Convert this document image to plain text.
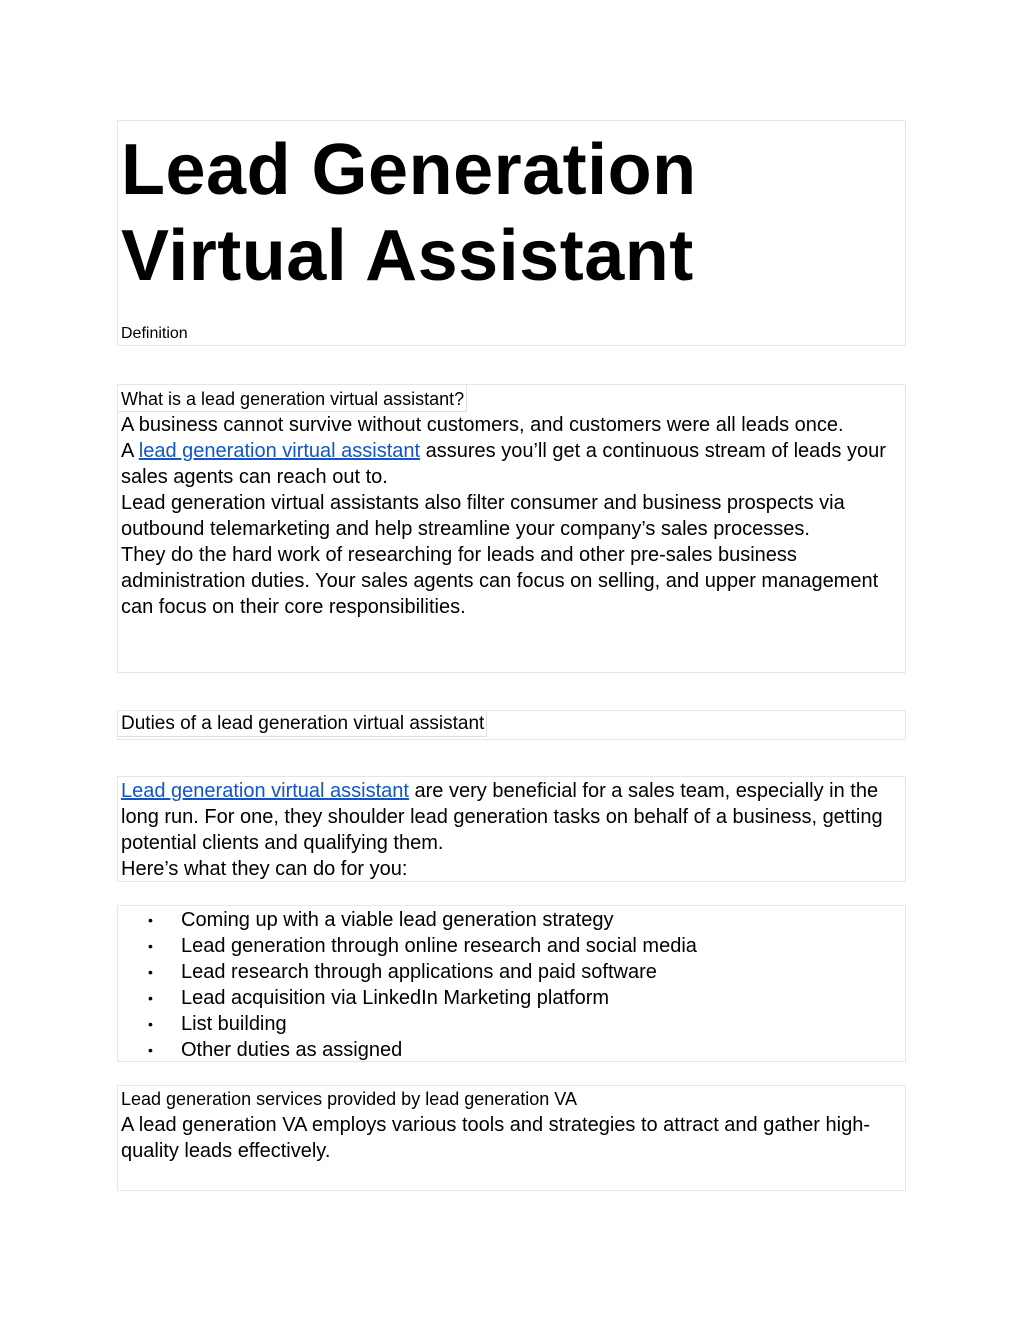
Lead Generation
Virtual Assistant
Definition
What is a lead generation virtual assistant?

A business cannot survive without customers, and customers were all leads once.

A lead generation virtual assistant assures you’ll get a continuous stream of leads your sales agents can reach out to.

Lead generation virtual assistants also filter consumer and business prospects via outbound telemarketing and help streamline your company’s sales processes.

They do the hard work of researching for leads and other pre-sales business administration duties. Your sales agents can focus on selling, and upper management can focus on their core responsibilities.

Duties of a lead generation virtual assistant

Lead generation virtual assistant are very beneficial for a sales team, especially in the long run. For one, they shoulder lead generation tasks on behalf of a business, getting potential clients and qualifying them.

Here’s what they can do for you:

• Coming up with a viable lead generation strategy
• Lead generation through online research and social media
• Lead research through applications and paid software
• Lead acquisition via LinkedIn Marketing platform
• List building
• Other duties as assigned
Lead generation services provided by lead generation VA

A lead generation VA employs various tools and strategies to attract and gather high-quality leads effectively.
